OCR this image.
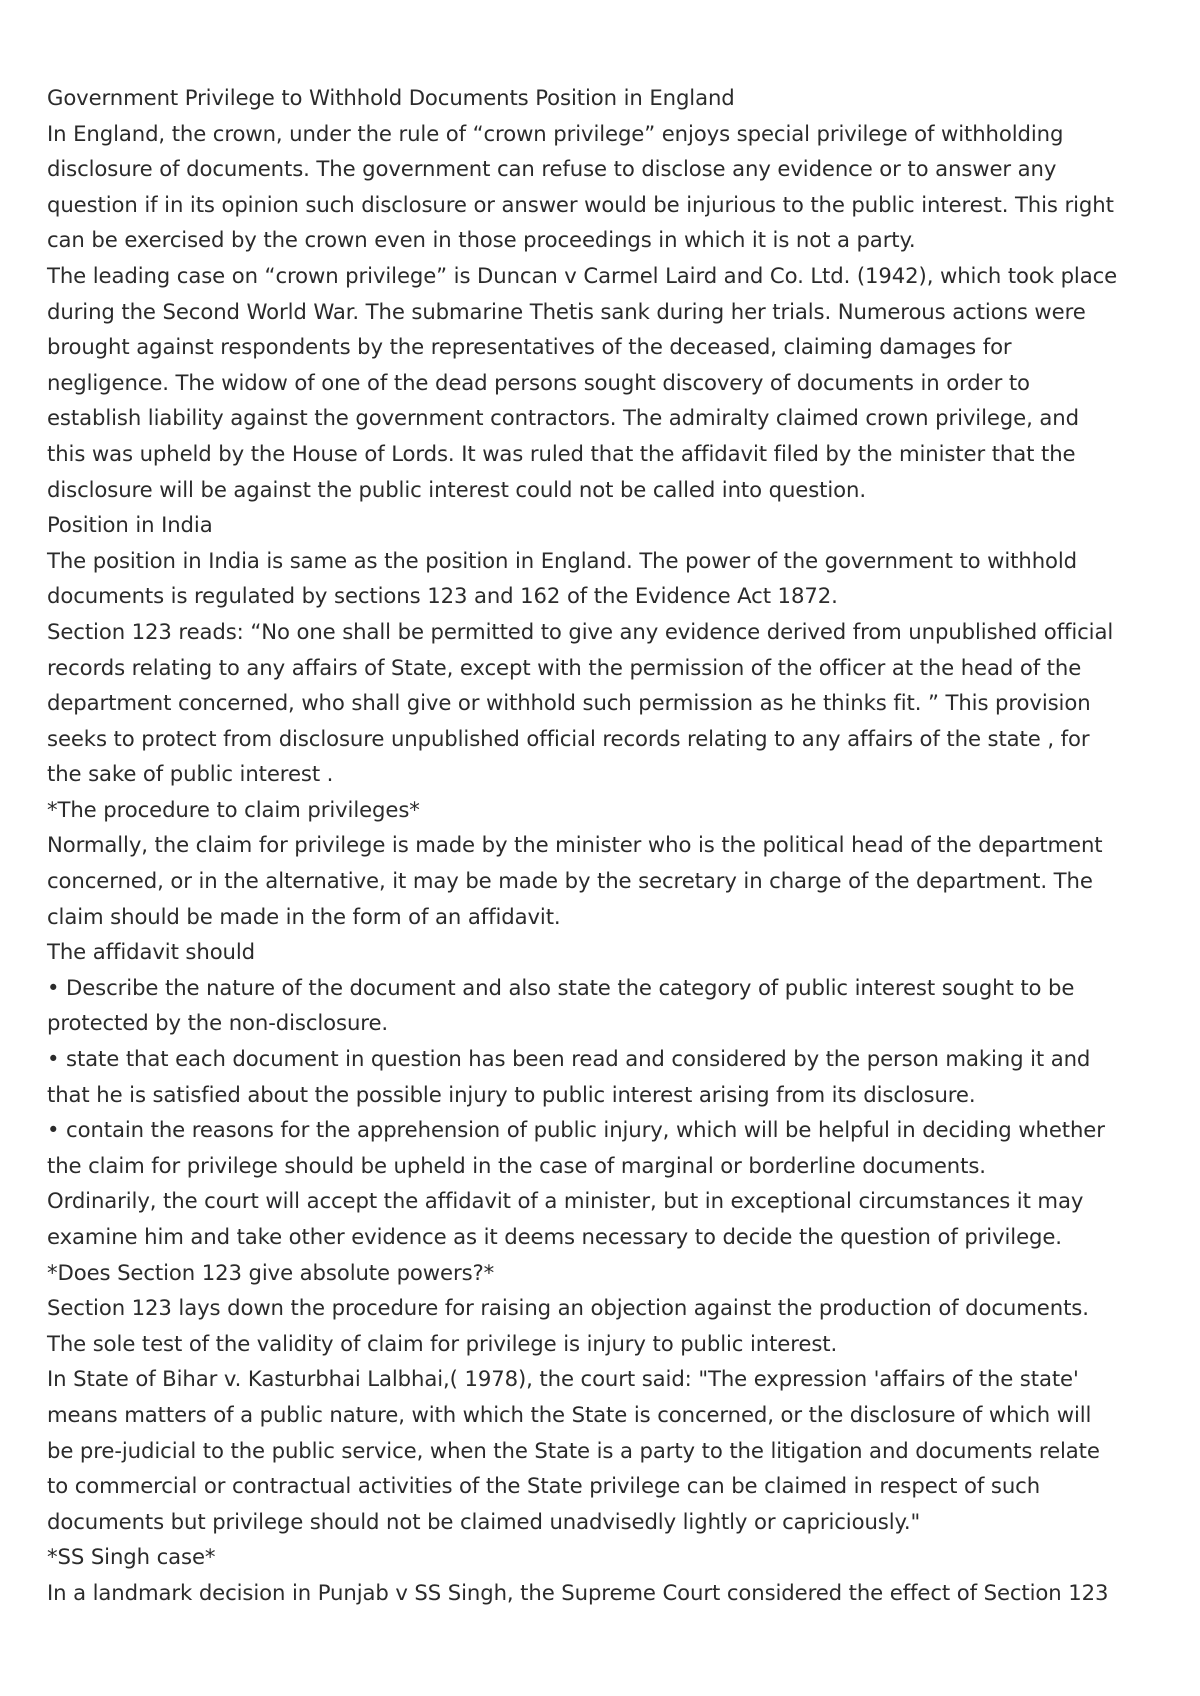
Government Privilege to Withhold Documents Position in England
In England, the crown, under the rule of “crown privilege” enjoys special privilege of withholding
disclosure of documents. The government can refuse to disclose any evidence or to answer any
question if in its opinion such disclosure or answer would be injurious to the public interest. This right
can be exercised by the crown even in those proceedings in which it is not a party.
The leading case on “crown privilege” is Duncan v Carmel Laird and Co. Ltd. (1942), which took place
during the Second World War. The submarine Thetis sank during her trials. Numerous actions were
brought against respondents by the representatives of the deceased, claiming damages for
negligence. The widow of one of the dead persons sought discovery of documents in order to
establish liability against the government contractors. The admiralty claimed crown privilege, and
this was upheld by the House of Lords. It was ruled that the affidavit filed by the minister that the
disclosure will be against the public interest could not be called into question.
Position in India
The position in India is same as the position in England. The power of the government to withhold
documents is regulated by sections 123 and 162 of the Evidence Act 1872.
Section 123 reads: “No one shall be permitted to give any evidence derived from unpublished official
records relating to any affairs of State, except with the permission of the officer at the head of the
department concerned, who shall give or withhold such permission as he thinks fit. ” This provision
seeks to protect from disclosure unpublished official records relating to any affairs of the state , for
the sake of public interest .
*The procedure to claim privileges*
Normally, the claim for privilege is made by the minister who is the political head of the department
concerned, or in the alternative, it may be made by the secretary in charge of the department. The
claim should be made in the form of an affidavit.
The affidavit should
• Describe the nature of the document and also state the category of public interest sought to be
protected by the non-disclosure.
• state that each document in question has been read and considered by the person making it and
that he is satisfied about the possible injury to public interest arising from its disclosure.
• contain the reasons for the apprehension of public injury, which will be helpful in deciding whether
the claim for privilege should be upheld in the case of marginal or borderline documents.
Ordinarily, the court will accept the affidavit of a minister, but in exceptional circumstances it may
examine him and take other evidence as it deems necessary to decide the question of privilege.
*Does Section 123 give absolute powers?*
Section 123 lays down the procedure for raising an objection against the production of documents.
The sole test of the validity of claim for privilege is injury to public interest.
In State of Bihar v. Kasturbhai Lalbhai,( 1978), the court said: "The expression 'affairs of the state'
means matters of a public nature, with which the State is concerned, or the disclosure of which will
be pre-judicial to the public service, when the State is a party to the litigation and documents relate
to commercial or contractual activities of the State privilege can be claimed in respect of such
documents but privilege should not be claimed unadvisedly lightly or capriciously."
*SS Singh case*
In a landmark decision in Punjab v SS Singh, the Supreme Court considered the effect of Section 123
